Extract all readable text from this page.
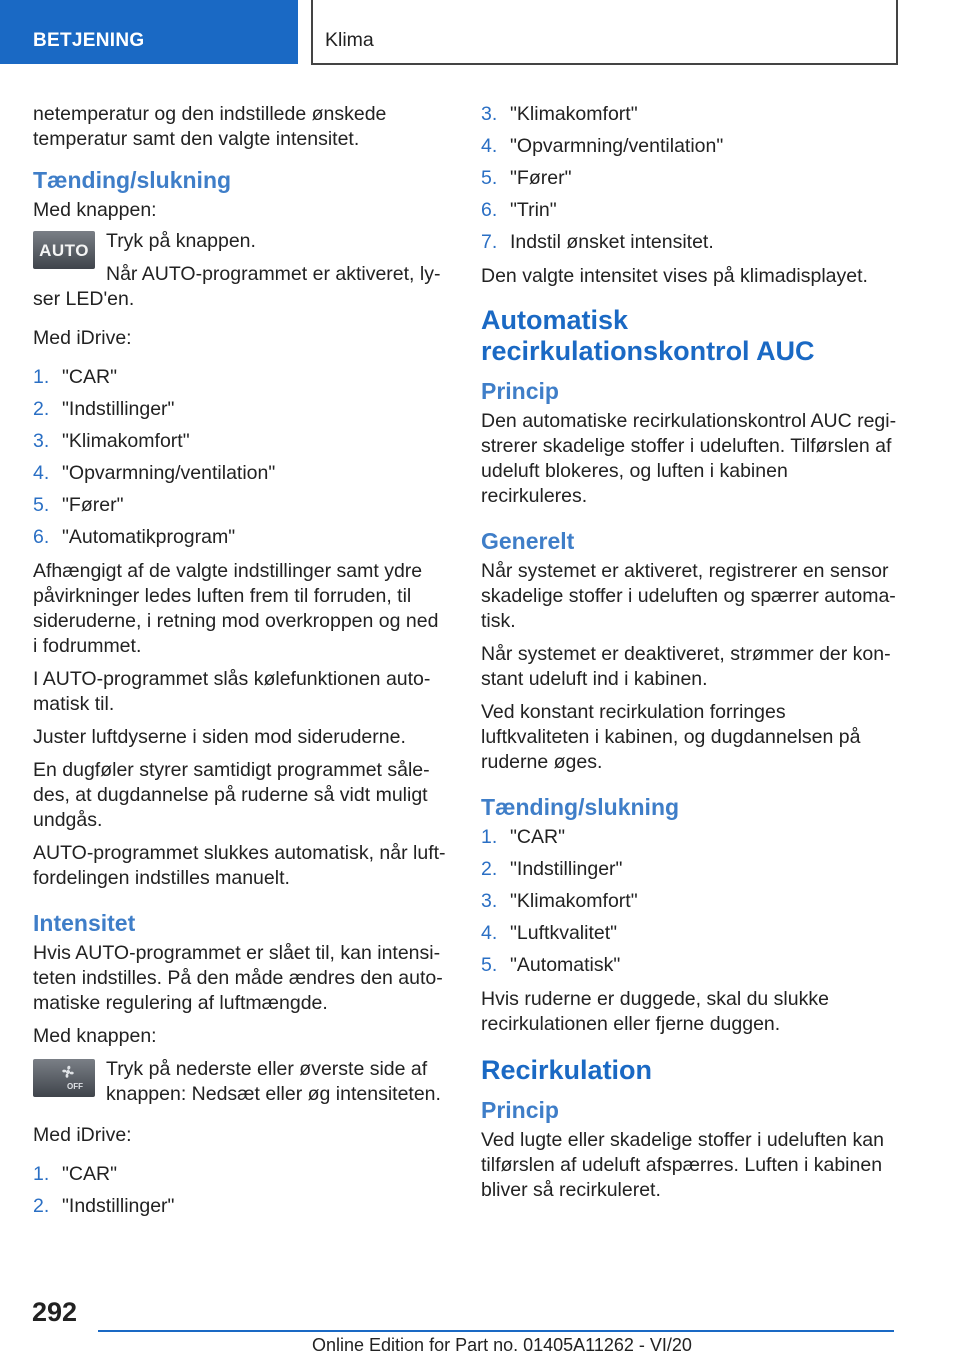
BETJENING	Klima

netemperatur og den indstillede ønskede temperatur samt den valgte intensitet.

Tænding/slukning

Med knappen:

AUTO Tryk på knappen.

Når AUTO-programmet er aktiveret, lyser LED'en.

Med iDrive:

1. "CAR"
2. "Indstillinger"
3. "Klimakomfort"
4. "Opvarmning/ventilation"
5. "Fører"
6. "Automatikprogram"

Afhængigt af de valgte indstillinger samt ydre påvirkninger ledes luften frem til forruden, til sideruderne, i retning mod overkroppen og ned i fodrummet.

I AUTO-programmet slås kølefunktionen automatisk til.

Juster luftdyserne i siden mod sideruderne.

En dugføler styrer samtidigt programmet således, at dugdannelse på ruderne så vidt muligt undgås.

AUTO-programmet slukkes automatisk, når luftfordelingen indstilles manuelt.

Intensitet

Hvis AUTO-programmet er slået til, kan intensiteten indstilles. På den måde ændres den automatiske regulering af luftmængde.

Med knappen:

OFF

Tryk på nederste eller øverste side af knappen: Nedsæt eller øg intensiteten.

Med iDrive:

1. "CAR"
2. "Indstillinger"
3. "Klimakomfort"
4. "Opvarmning/ventilation"
5. "Fører"
6. "Trin"
7. Indstil ønsket intensitet.

Den valgte intensitet vises på klimadisplayet.

Automatisk recirkulationskontrol AUC
Princip

Den automatiske recirkulationskontrol AUC registrerer skadelige stoffer i udeluften. Tilførslen af udeluft blokeres, og luften i kabinen recirkuleres.

Generelt

Når systemet er aktiveret, registrerer en sensor skadelige stoffer i udeluften og spærrer automatisk.

Når systemet er deaktiveret, strømmer der konstant udeluft ind i kabinen.

Ved konstant recirkulation forringes luftkvaliteten i kabinen, og dugdannelsen på ruderne øges.

Tænding/slukning
1. "CAR"
2. "Indstillinger"
3. "Klimakomfort"
4. "Luftkvalitet"
5. "Automatisk"

Hvis ruderne er duggede, skal du slukke recirkulationen eller fjerne duggen.

Recirkulation
Princip

Ved lugte eller skadelige stoffer i udeluften kan tilførslen af udeluft afspærres. Luften i kabinen bliver så recirkuleret.

292
Online Edition for Part no. 01405A11262 - VI/20
